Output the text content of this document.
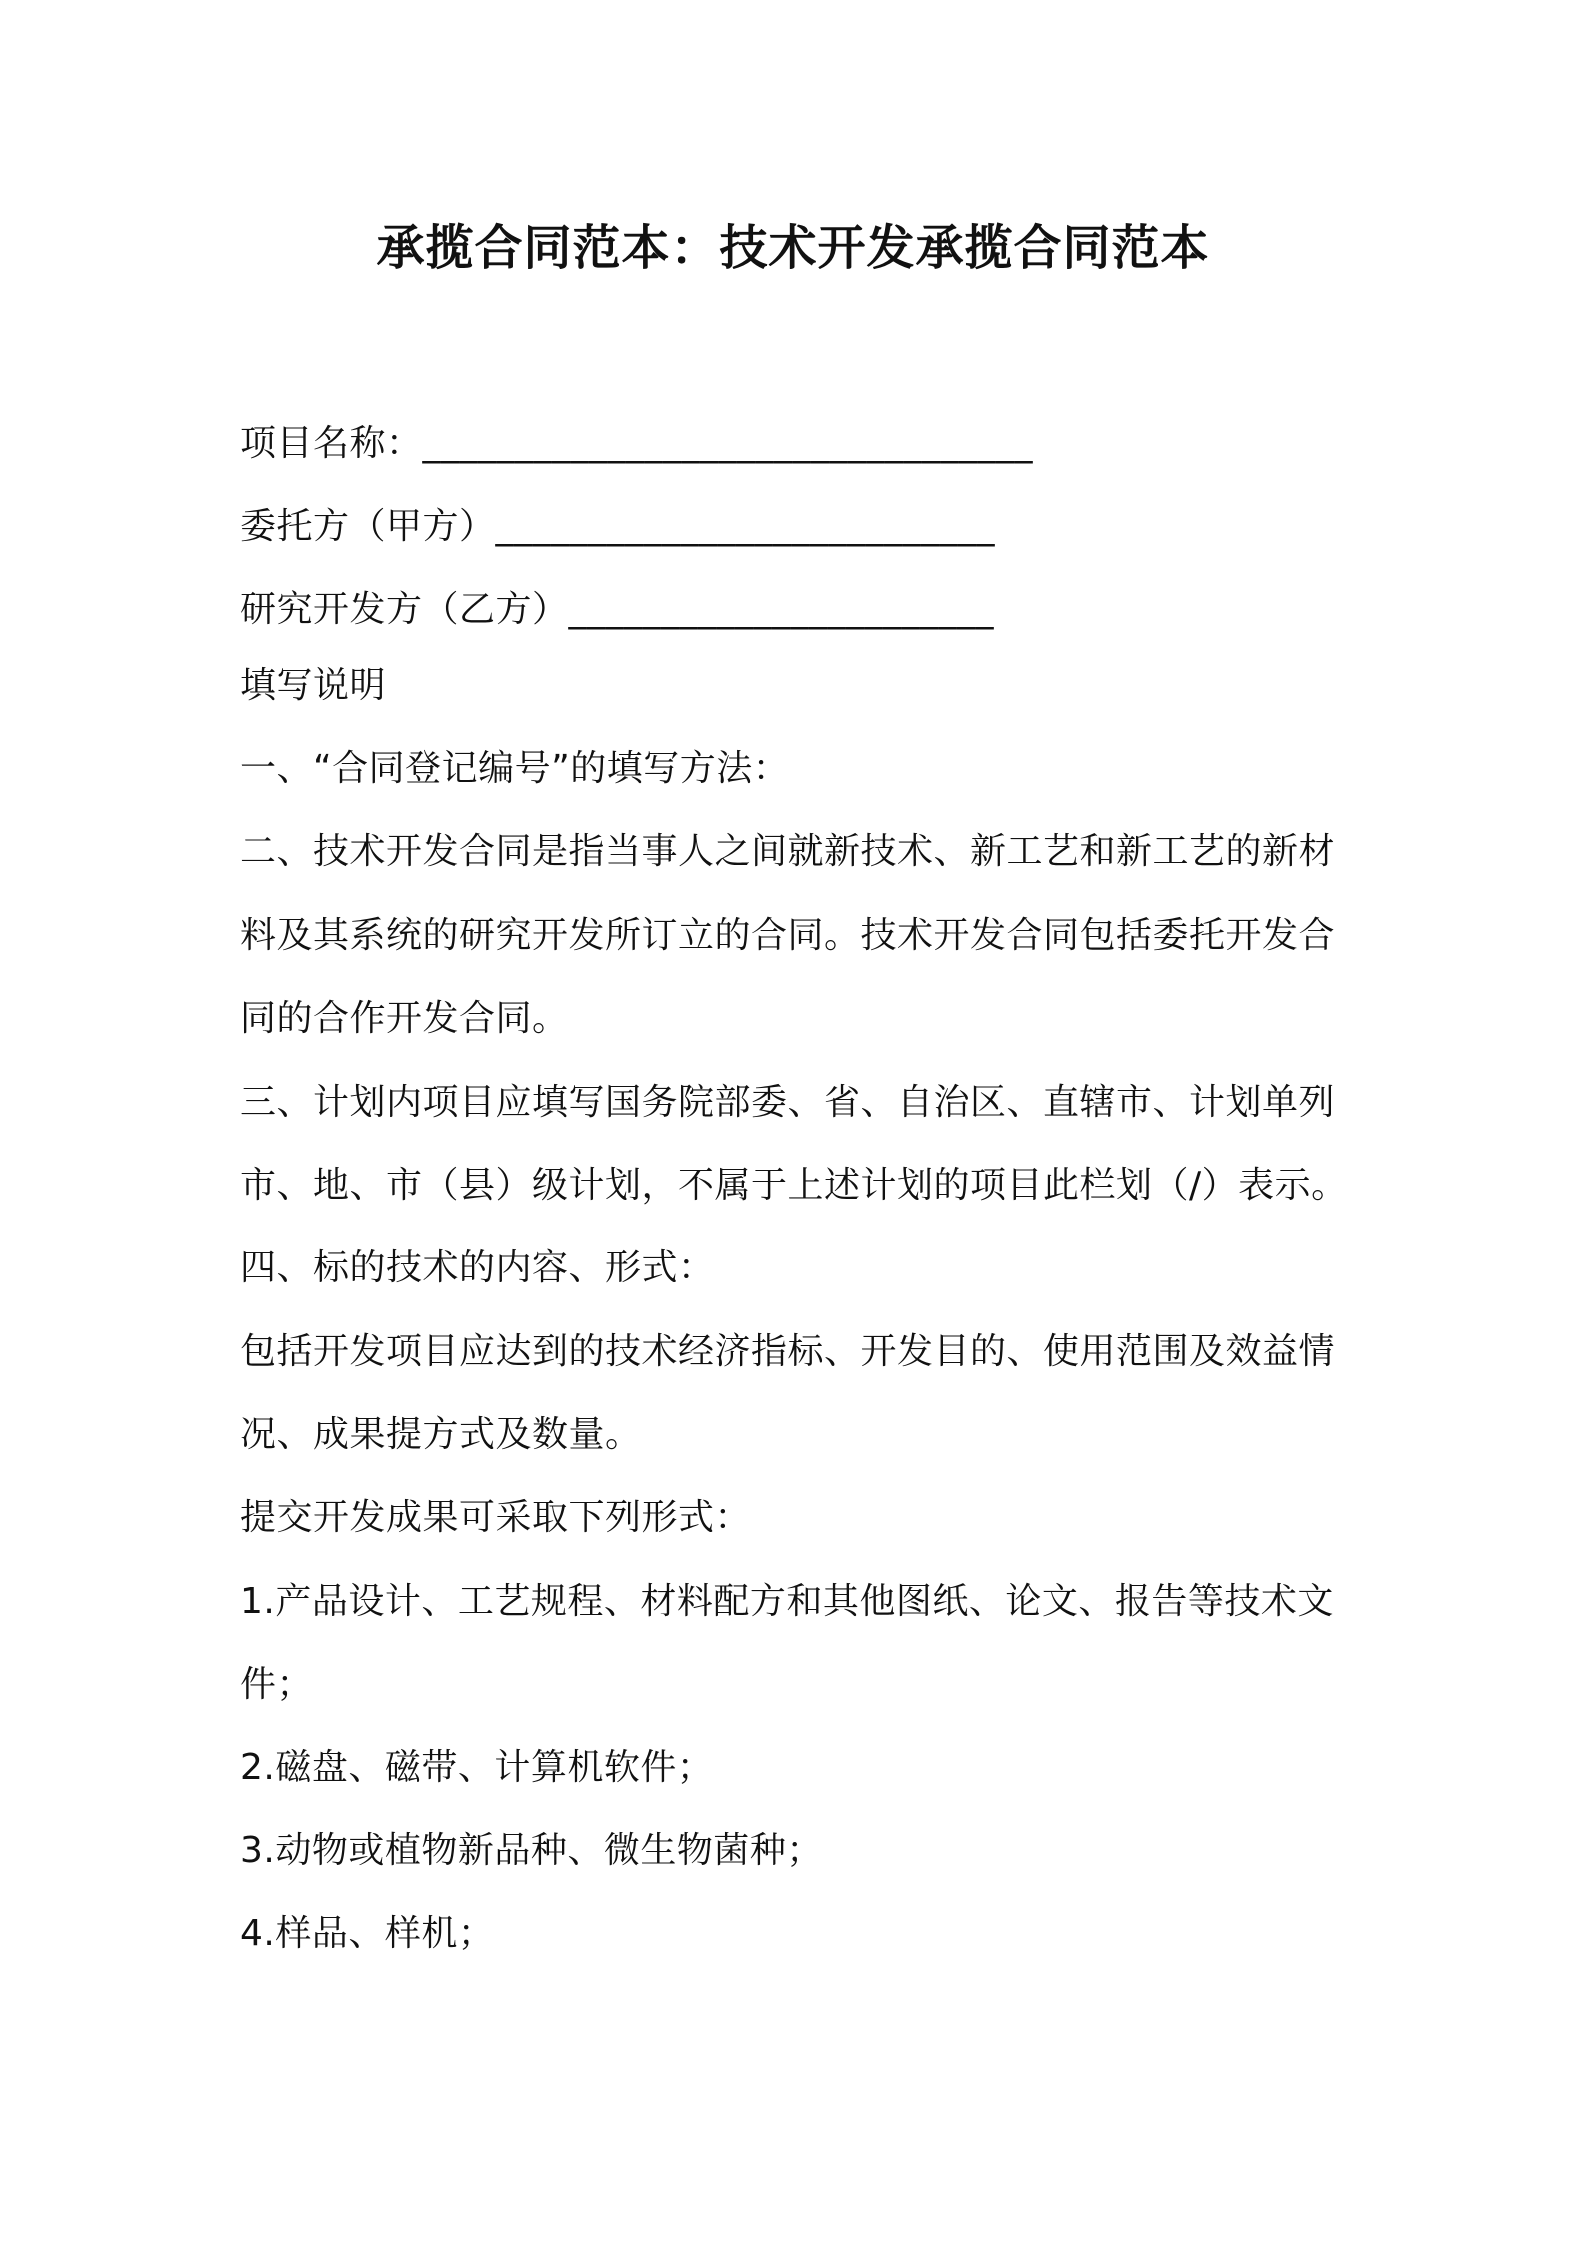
承揽合同范本：技术开发承揽合同范本
项目名称：_________________________________
委托方（甲方）___________________________
研究开发方（乙方）_______________________
填写说明
一、“合同登记编号”的填写方法：
二、技术开发合同是指当事人之间就新技术、新工艺和新工艺的新材
料及其系统的研究开发所订立的合同。技术开发合同包括委托开发合
同的合作开发合同。
三、计划内项目应填写国务院部委、省、自治区、直辖市、计划单列
市、地、市（县）级计划，不属于上述计划的项目此栏划（/）表示。
四、标的技术的内容、形式：
包括开发项目应达到的技术经济指标、开发目的、使用范围及效益情
况、成果提方式及数量。
提交开发成果可采取下列形式：
1.产品设计、工艺规程、材料配方和其他图纸、论文、报告等技术文
件；
2.磁盘、磁带、计算机软件；
3.动物或植物新品种、微生物菌种；
4.样品、样机；
